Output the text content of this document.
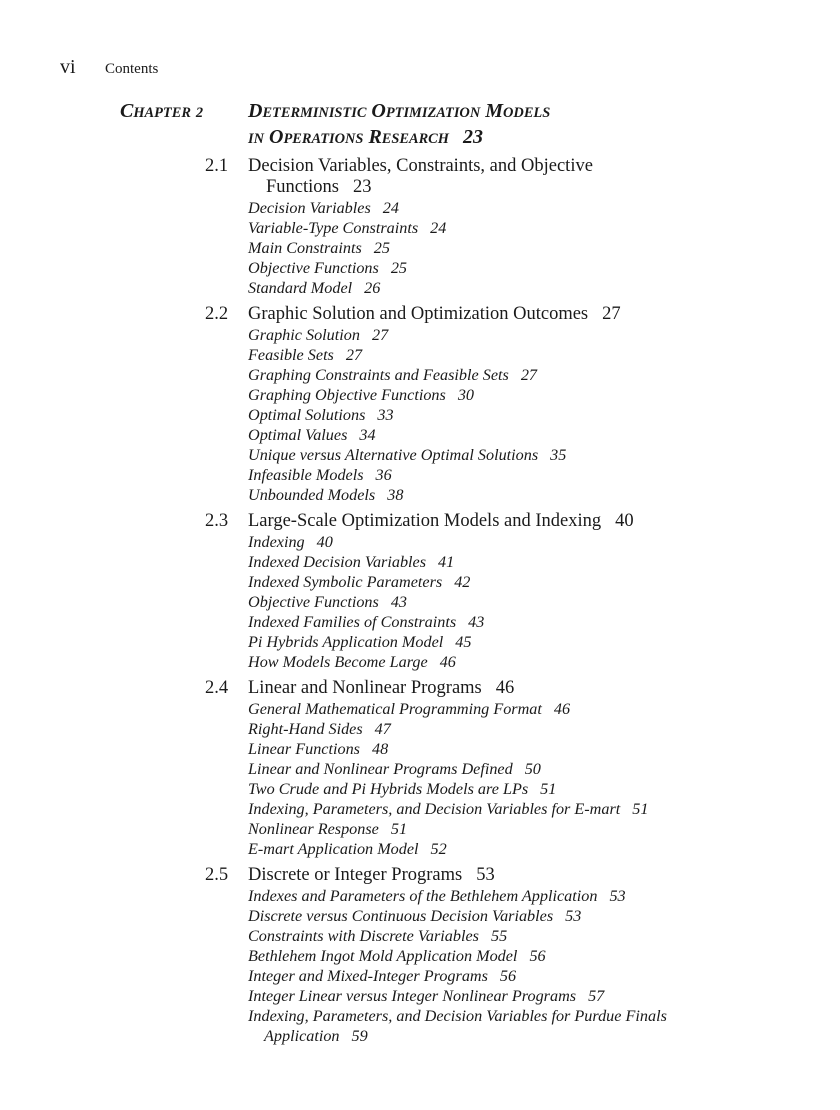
vi Contents
CHAPTER 2 DETERMINISTIC OPTIMIZATION MODELS
IN OPERATIONS RESEARCH 23
2.1 Decision Variables, Constraints, and Objective Functions 23
Decision Variables 24
Variable-Type Constraints 24
Main Constraints 25
Objective Functions 25
Standard Model 26
2.2 Graphic Solution and Optimization Outcomes 27
Graphic Solution 27
Feasible Sets 27
Graphing Constraints and Feasible Sets 27
Graphing Objective Functions 30
Optimal Solutions 33
Optimal Values 34
Unique versus Alternative Optimal Solutions 35
Infeasible Models 36
Unbounded Models 38
2.3 Large-Scale Optimization Models and Indexing 40
Indexing 40
Indexed Decision Variables 41
Indexed Symbolic Parameters 42
Objective Functions 43
Indexed Families of Constraints 43
Pi Hybrids Application Model 45
How Models Become Large 46
2.4 Linear and Nonlinear Programs 46
General Mathematical Programming Format 46
Right-Hand Sides 47
Linear Functions 48
Linear and Nonlinear Programs Defined 50
Two Crude and Pi Hybrids Models are LPs 51
Indexing, Parameters, and Decision Variables for E-mart 51
Nonlinear Response 51
E-mart Application Model 52
2.5 Discrete or Integer Programs 53
Indexes and Parameters of the Bethlehem Application 53
Discrete versus Continuous Decision Variables 53
Constraints with Discrete Variables 55
Bethlehem Ingot Mold Application Model 56
Integer and Mixed-Integer Programs 56
Integer Linear versus Integer Nonlinear Programs 57
Indexing, Parameters, and Decision Variables for Purdue Finals Application 59
